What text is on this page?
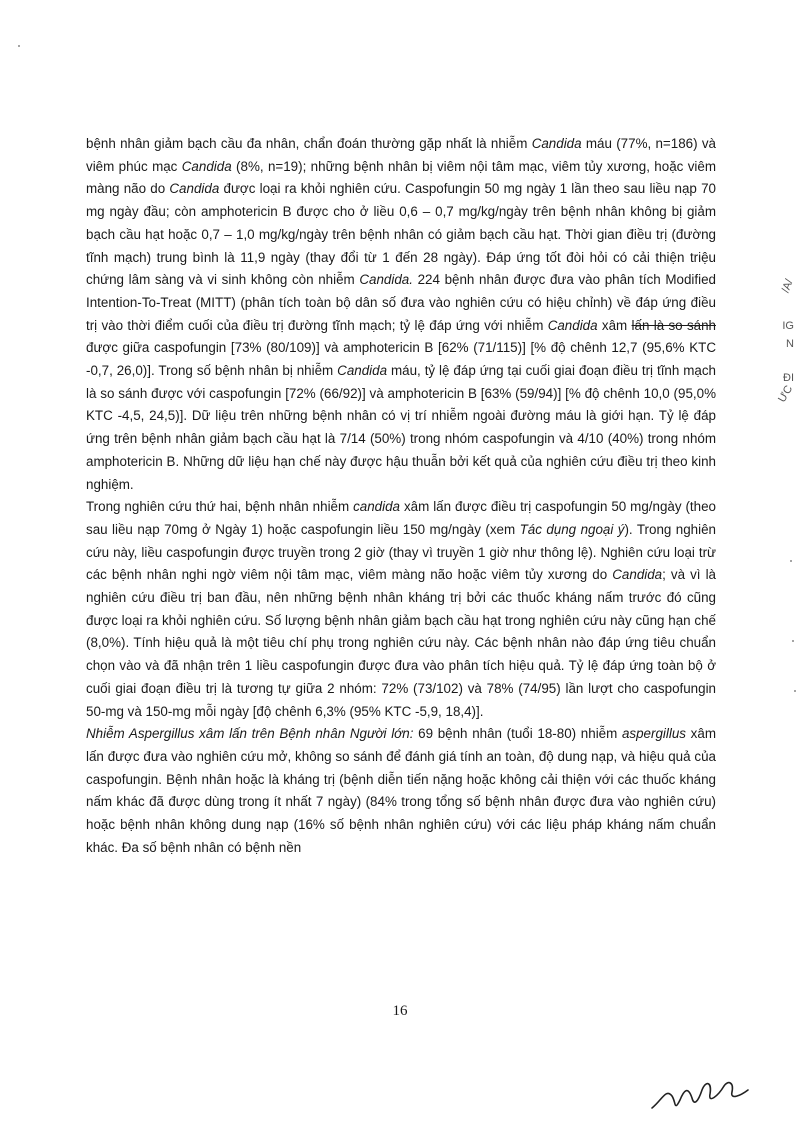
bệnh nhân giảm bạch cầu đa nhân, chẩn đoán thường gặp nhất là nhiễm Candida máu (77%, n=186) và viêm phúc mạc Candida (8%, n=19); những bệnh nhân bị viêm nội tâm mạc, viêm tủy xương, hoặc viêm màng não do Candida được loại ra khỏi nghiên cứu. Caspofungin 50 mg ngày 1 lần theo sau liều nạp 70 mg ngày đầu; còn amphotericin B được cho ở liều 0,6 – 0,7 mg/kg/ngày trên bệnh nhân không bị giảm bạch cầu hạt hoặc 0,7 – 1,0 mg/kg/ngày trên bệnh nhân có giảm bạch cầu hạt. Thời gian điều trị (đường tĩnh mạch) trung bình là 11,9 ngày (thay đổi từ 1 đến 28 ngày). Đáp ứng tốt đòi hỏi có cải thiện triệu chứng lâm sàng và vi sinh không còn nhiễm Candida. 224 bệnh nhân được đưa vào phân tích Modified Intention-To-Treat (MITT) (phân tích toàn bộ dân số đưa vào nghiên cứu có hiệu chỉnh) về đáp ứng điều trị vào thời điểm cuối của điều trị đường tĩnh mạch; tỷ lệ đáp ứng với nhiễm Candida xâm lấn là so sánh được giữa caspofungin [73% (80/109)] và amphotericin B [62% (71/115)] [% độ chênh 12,7 (95,6% KTC -0,7, 26,0)]. Trong số bệnh nhân bị nhiễm Candida máu, tỷ lệ đáp ứng tại cuối giai đoạn điều trị tĩnh mạch là so sánh được với caspofungin [72% (66/92)] và amphotericin B [63% (59/94)] [% độ chênh 10,0 (95,0% KTC -4,5, 24,5)]. Dữ liệu trên những bệnh nhân có vị trí nhiễm ngoài đường máu là giới hạn. Tỷ lệ đáp ứng trên bệnh nhân giảm bạch cầu hạt là 7/14 (50%) trong nhóm caspofungin và 4/10 (40%) trong nhóm amphotericin B. Những dữ liệu hạn chế này được hậu thuẫn bởi kết quả của nghiên cứu điều trị theo kinh nghiệm.

Trong nghiên cứu thứ hai, bệnh nhân nhiễm candida xâm lấn được điều trị caspofungin 50 mg/ngày (theo sau liều nạp 70mg ở Ngày 1) hoặc caspofungin liều 150 mg/ngày (xem Tác dụng ngoại ý). Trong nghiên cứu này, liều caspofungin được truyền trong 2 giờ (thay vì truyền 1 giờ như thông lệ). Nghiên cứu loại trừ các bệnh nhân nghi ngờ viêm nội tâm mạc, viêm màng não hoặc viêm tủy xương do Candida; và vì là nghiên cứu điều trị ban đầu, nên những bệnh nhân kháng trị bởi các thuốc kháng nấm trước đó cũng được loại ra khỏi nghiên cứu. Số lượng bệnh nhân giảm bạch cầu hạt trong nghiên cứu này cũng hạn chế (8,0%). Tính hiệu quả là một tiêu chí phụ trong nghiên cứu này. Các bệnh nhân nào đáp ứng tiêu chuẩn chọn vào và đã nhận trên 1 liều caspofungin được đưa vào phân tích hiệu quả. Tỷ lệ đáp ứng toàn bộ ở cuối giai đoạn điều trị là tương tự giữa 2 nhóm: 72% (73/102) và 78% (74/95) lần lượt cho caspofungin 50-mg và 150-mg mỗi ngày [độ chênh 6,3% (95% KTC -5,9, 18,4)].

Nhiễm Aspergillus xâm lấn trên Bệnh nhân Người lớn: 69 bệnh nhân (tuổi 18-80) nhiễm aspergillus xâm lấn được đưa vào nghiên cứu mở, không so sánh để đánh giá tính an toàn, độ dung nạp, và hiệu quả của caspofungin. Bệnh nhân hoặc là kháng trị (bệnh diễn tiến nặng hoặc không cải thiện với các thuốc kháng nấm khác đã được dùng trong ít nhất 7 ngày) (84% trong tổng số bệnh nhân được đưa vào nghiên cứu) hoặc bệnh nhân không dung nạp (16% số bệnh nhân nghiên cứu) với các liệu pháp kháng nấm chuẩn khác. Đa số bệnh nhân có bệnh nền

16
/A/
IG
N
ĐI
ƯC
